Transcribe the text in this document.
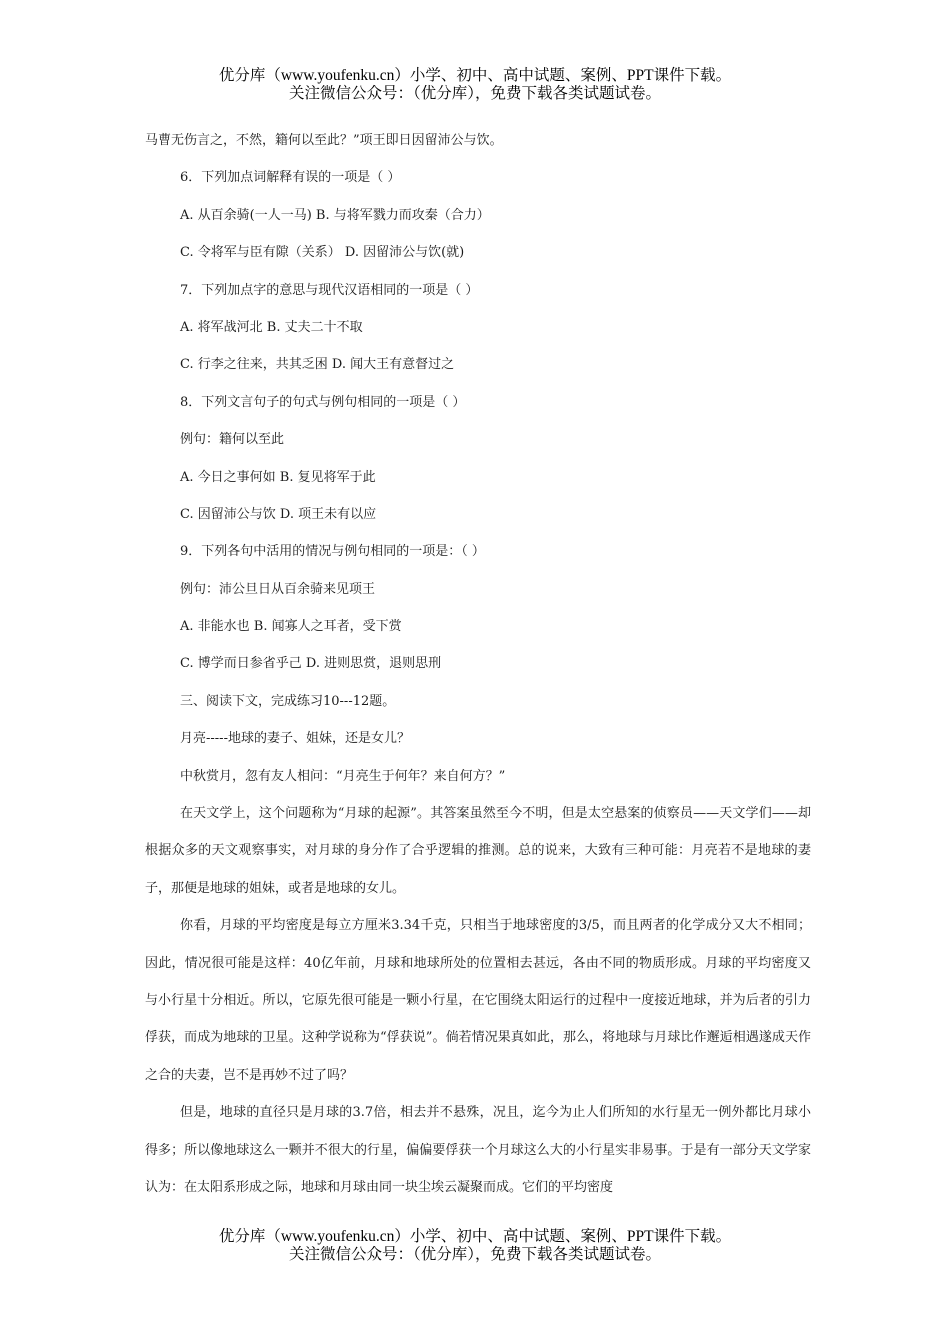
优分库（www.youfenku.cn）小学、初中、高中试题、案例、PPT课件下载。
关注微信公众号：（优分库），免费下载各类试题试卷。
马曹无伤言之，不然，籍何以至此？”项王即日因留沛公与饮。
6．下列加点词解释有误的一项是（ ）
A. 从百余骑(一人一马) B. 与将军戮力而攻秦（合力）
C. 令将军与臣有隙（关系） D. 因留沛公与饮(就)
7．下列加点字的意思与现代汉语相同的一项是（ ）
A. 将军战河北 B. 丈夫二十不取
C. 行李之往来，共其乏困 D. 闻大王有意督过之
8．下列文言句子的句式与例句相同的一项是（ ）
例句：籍何以至此
A. 今日之事何如 B. 复见将军于此
C. 因留沛公与饮 D. 项王未有以应
9．下列各句中活用的情况与例句相同的一项是：（ ）
例句：沛公旦日从百余骑来见项王
A. 非能水也 B. 闻寡人之耳者，受下赏
C. 博学而日参省乎己 D. 进则思赏，退则思刑
三、阅读下文，完成练习10---12题。
月亮-----地球的妻子、姐妹，还是女儿？
中秋赏月，忽有友人相问：“月亮生于何年？来自何方？”
在天文学上，这个问题称为“月球的起源”。其答案虽然至今不明，但是太空悬案的侦察员——天文学们——却根据众多的天文观察事实，对月球的身分作了合乎逻辑的推测。总的说来，大致有三种可能：月亮若不是地球的妻子，那便是地球的姐妹，或者是地球的女儿。
你看，月球的平均密度是每立方厘米3.34千克，只相当于地球密度的3/5，而且两者的化学成分又大不相同；因此，情况很可能是这样：40亿年前，月球和地球所处的位置相去甚远，各由不同的物质形成。月球的平均密度又与小行星十分相近。所以，它原先很可能是一颗小行星，在它围绕太阳运行的过程中一度接近地球，并为后者的引力俘获，而成为地球的卫星。这种学说称为“俘获说”。倘若情况果真如此，那么，将地球与月球比作邂逅相遇遂成天作之合的夫妻，岂不是再妙不过了吗？
但是，地球的直径只是月球的3.7倍，相去并不悬殊，况且，迄今为止人们所知的水行星无一例外都比月球小得多；所以像地球这么一颗并不很大的行星，偏偏要俘获一个月球这么大的小行星实非易事。于是有一部分天文学家认为：在太阳系形成之际，地球和月球由同一块尘埃云凝聚而成。它们的平均密度
优分库（www.youfenku.cn）小学、初中、高中试题、案例、PPT课件下载。
关注微信公众号：（优分库），免费下载各类试题试卷。
